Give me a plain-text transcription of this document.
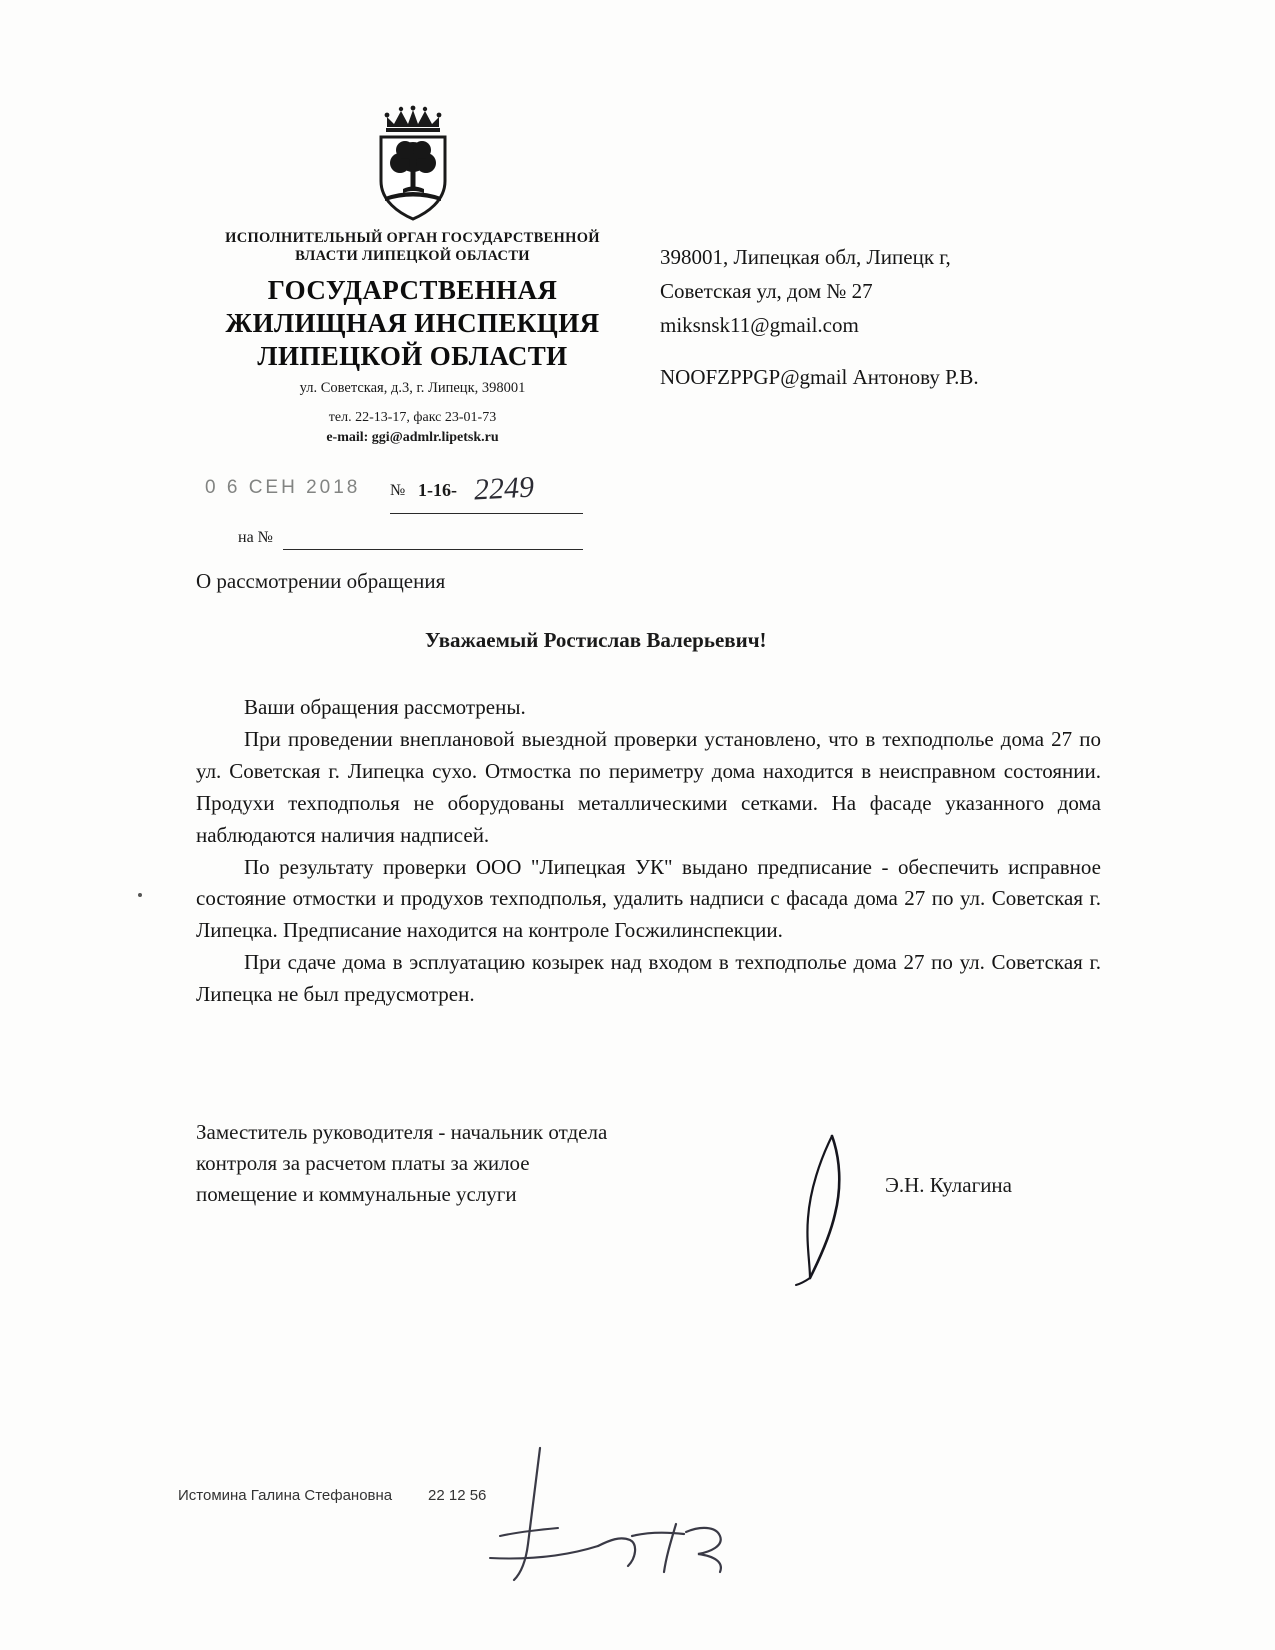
ИСПОЛНИТЕЛЬНЫЙ ОРГАН ГОСУДАРСТВЕННОЙ
ВЛАСТИ ЛИПЕЦКОЙ ОБЛАСТИ
ГОСУДАРСТВЕННАЯ
ЖИЛИЩНАЯ ИНСПЕКЦИЯ
ЛИПЕЦКОЙ ОБЛАСТИ
ул. Советская, д.3, г. Липецк, 398001
тел. 22-13-17, факс 23-01-73
e-mail: ggi@admlr.lipetsk.ru
398001, Липецкая обл, Липецк г,
Советская ул, дом № 27
miksnsk11@gmail.com
NOOFZPPGP@gmail Антонову Р.В.
0 6 СЕН 2018 № 1-16- 2249
на №
О рассмотрении обращения
Уважаемый Ростислав Валерьевич!

Ваши обращения рассмотрены.

При проведении внеплановой выездной проверки установлено, что в техподполье дома 27 по ул. Советская г. Липецка сухо. Отмостка по периметру дома находится в неисправном состоянии. Продухи техподполья не оборудованы металлическими сетками. На фасаде указанного дома наблюдаются наличия надписей.

По результату проверки ООО "Липецкая УК" выдано предписание - обеспечить исправное состояние отмостки и продухов техподполья, удалить надписи с фасада дома 27 по ул. Советская г. Липецка. Предписание находится на контроле Госжилинспекции.

При сдаче дома в эсплуатацию козырек над входом в техподполье дома 27 по ул. Советская г. Липецка не был предусмотрен.

Заместитель руководителя - начальник отдела
контроля за расчетом платы за жилое
помещение и коммунальные услуги	Э.Н. Кулагина
Истомина Галина Стефановна 22 12 56
